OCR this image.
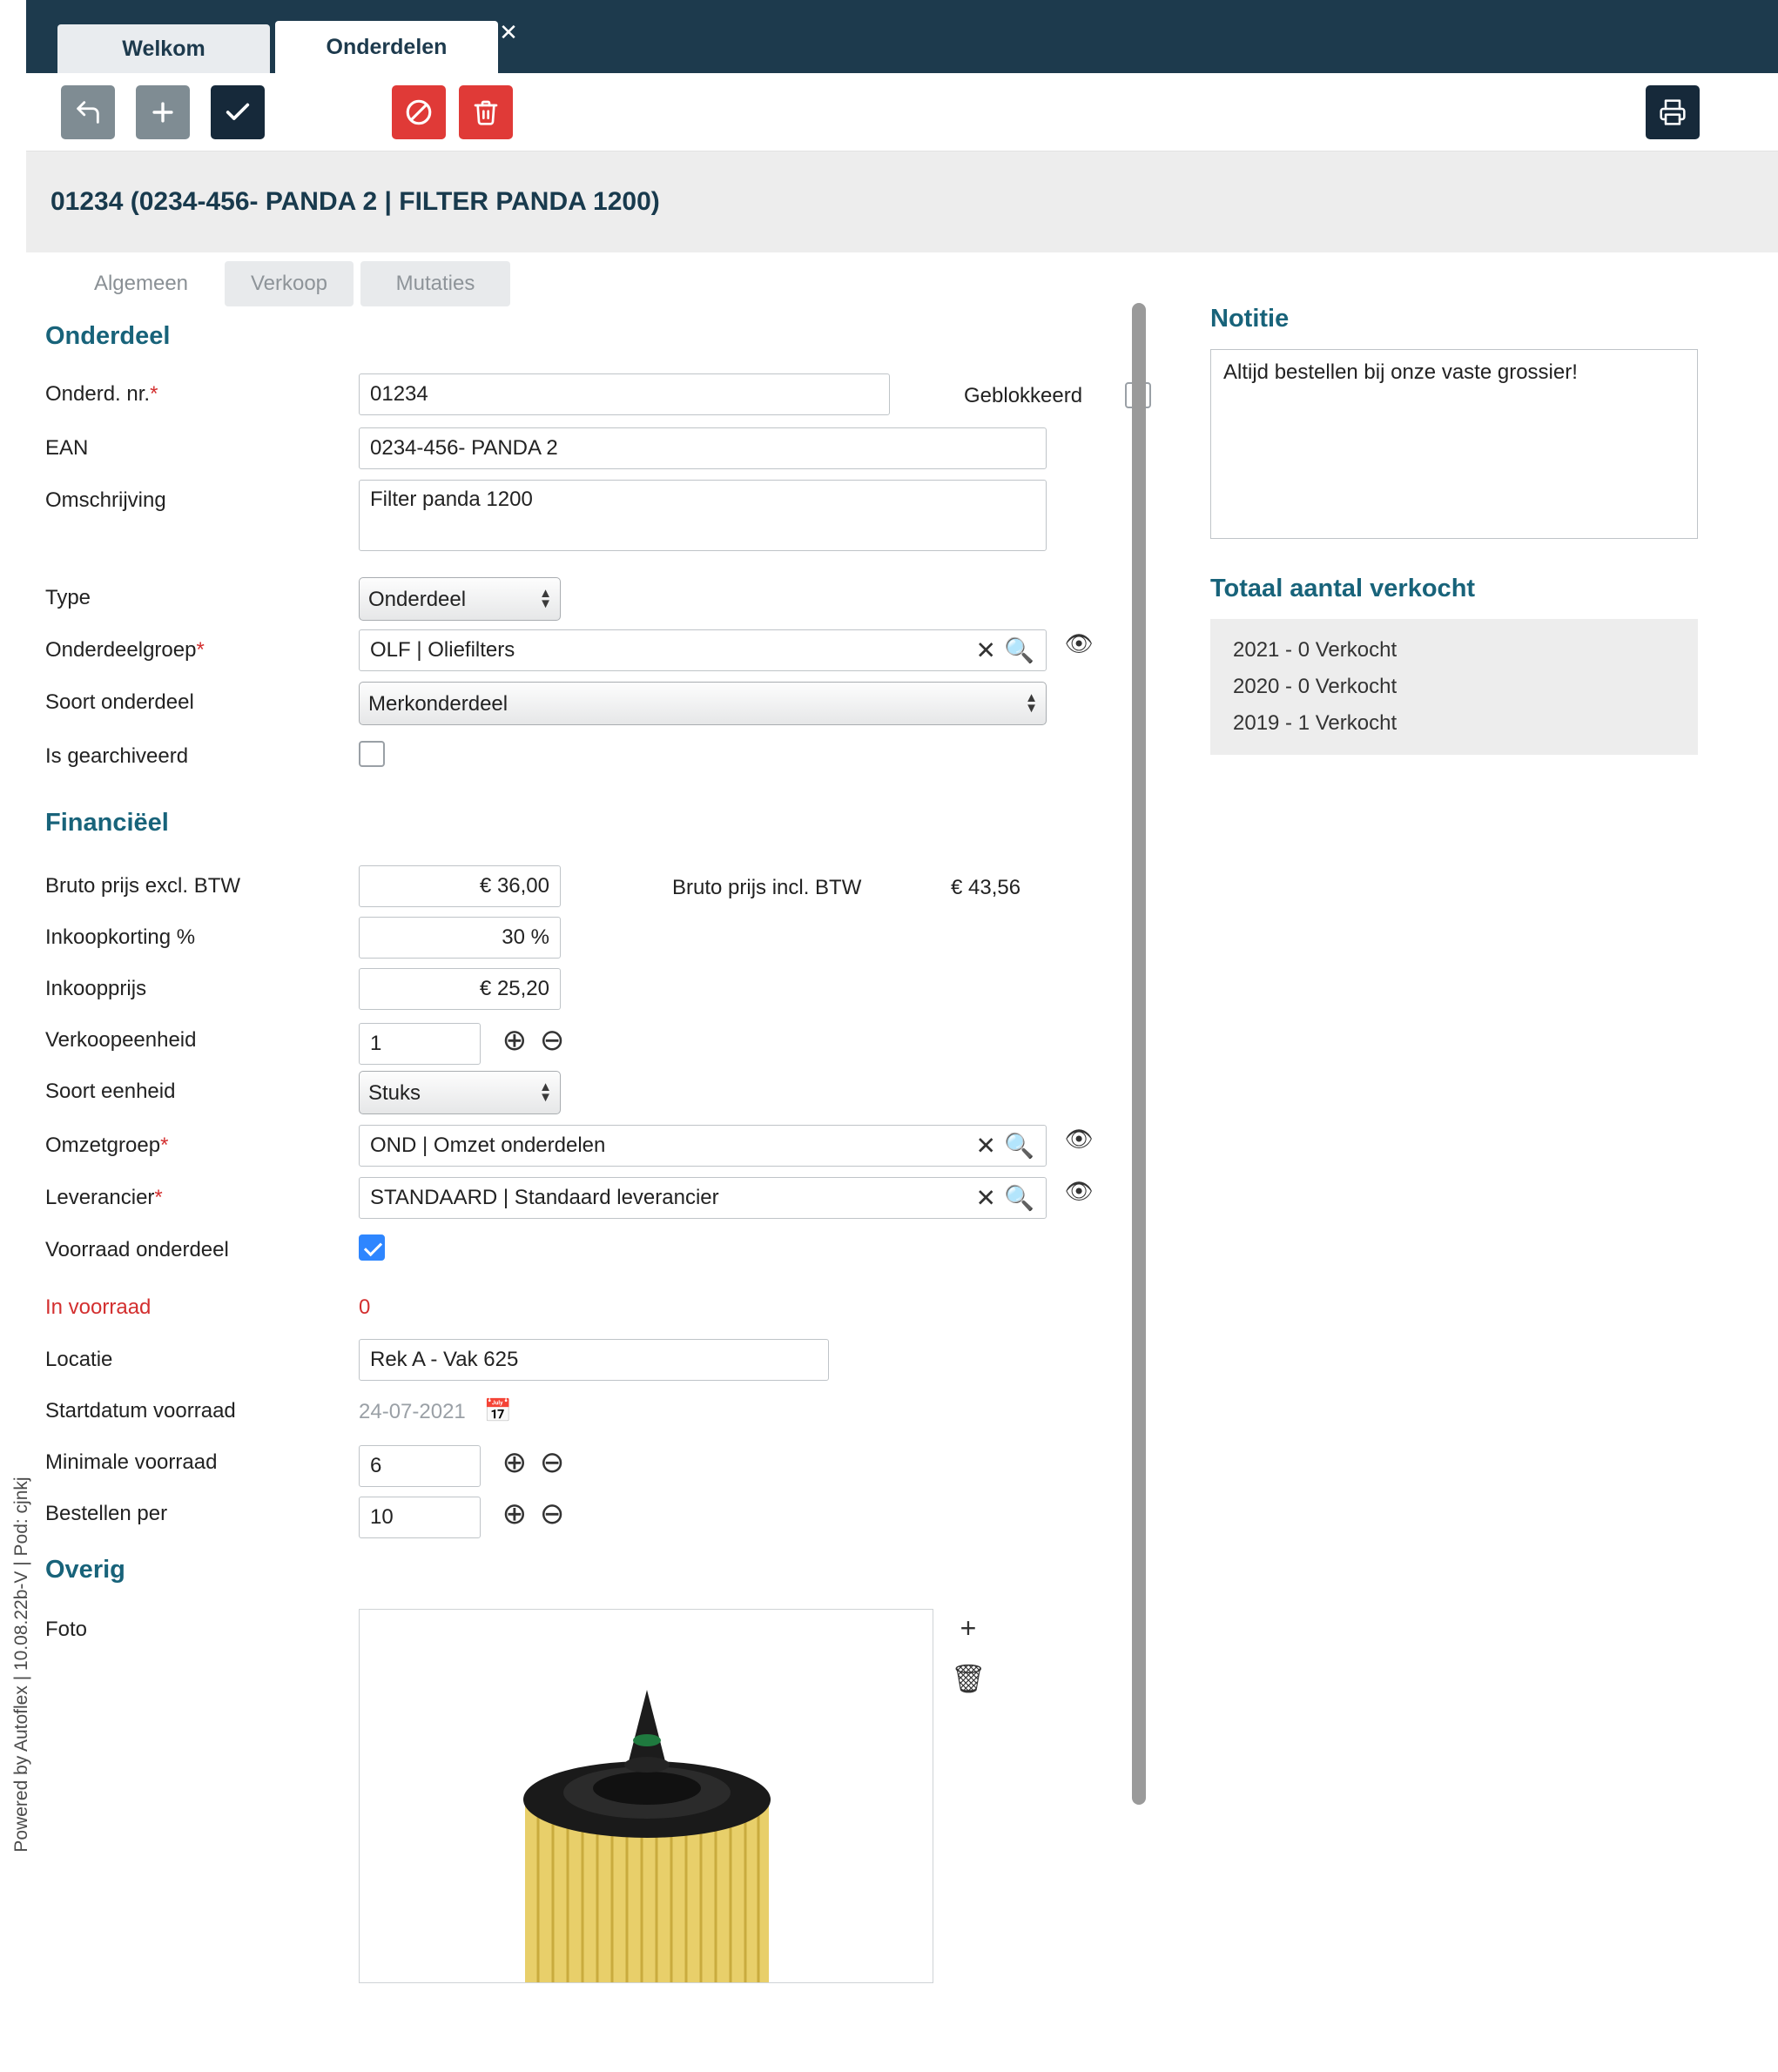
Powered by Autoflex | 10.08.22b-V | Pod: cjnkj
Welkom	Onderdelen
✕
01234 (0234-456- PANDA 2 | FILTER PANDA 1200)
Algemeen	Verkoop	Mutaties
Onderdeel
Onderd. nr.*
01234	Geblokkeerd
EAN
0234-456- PANDA 2
Omschrijving
Filter panda 1200
Type
Onderdeel	▲
▼
Onderdeelgroep*
OLF | Oliefilters	✕ 🔍 👁
Soort onderdeel
Merkonderdeel	▲
▼
Is gearchiveerd
Financiëel
Bruto prijs excl. BTW
€ 36,00	Bruto prijs incl. BTW	€ 43,56
Inkoopkorting %
30 %
Inkoopprijs
€ 25,20
Verkoopeenheid
1	⊕ ⊖
Soort eenheid
Stuks	▲
▼
Omzetgroep*
OND | Omzet onderdelen	✕ 🔍 👁
Leverancier*
STANDAARD | Standaard leverancier	✕ 🔍 👁
Voorraad onderdeel
In voorraad	0
Locatie
Rek A - Vak 625
Startdatum voorraad	24-07-2021 📅
Minimale voorraad
6	⊕ ⊖
Bestellen per
10	⊕ ⊖
Overig
Foto	+
🗑
Notitie
Altijd bestellen bij onze vaste grossier!
Totaal aantal verkocht
2021 - 0 Verkocht
2020 - 0 Verkocht
2019 - 1 Verkocht
